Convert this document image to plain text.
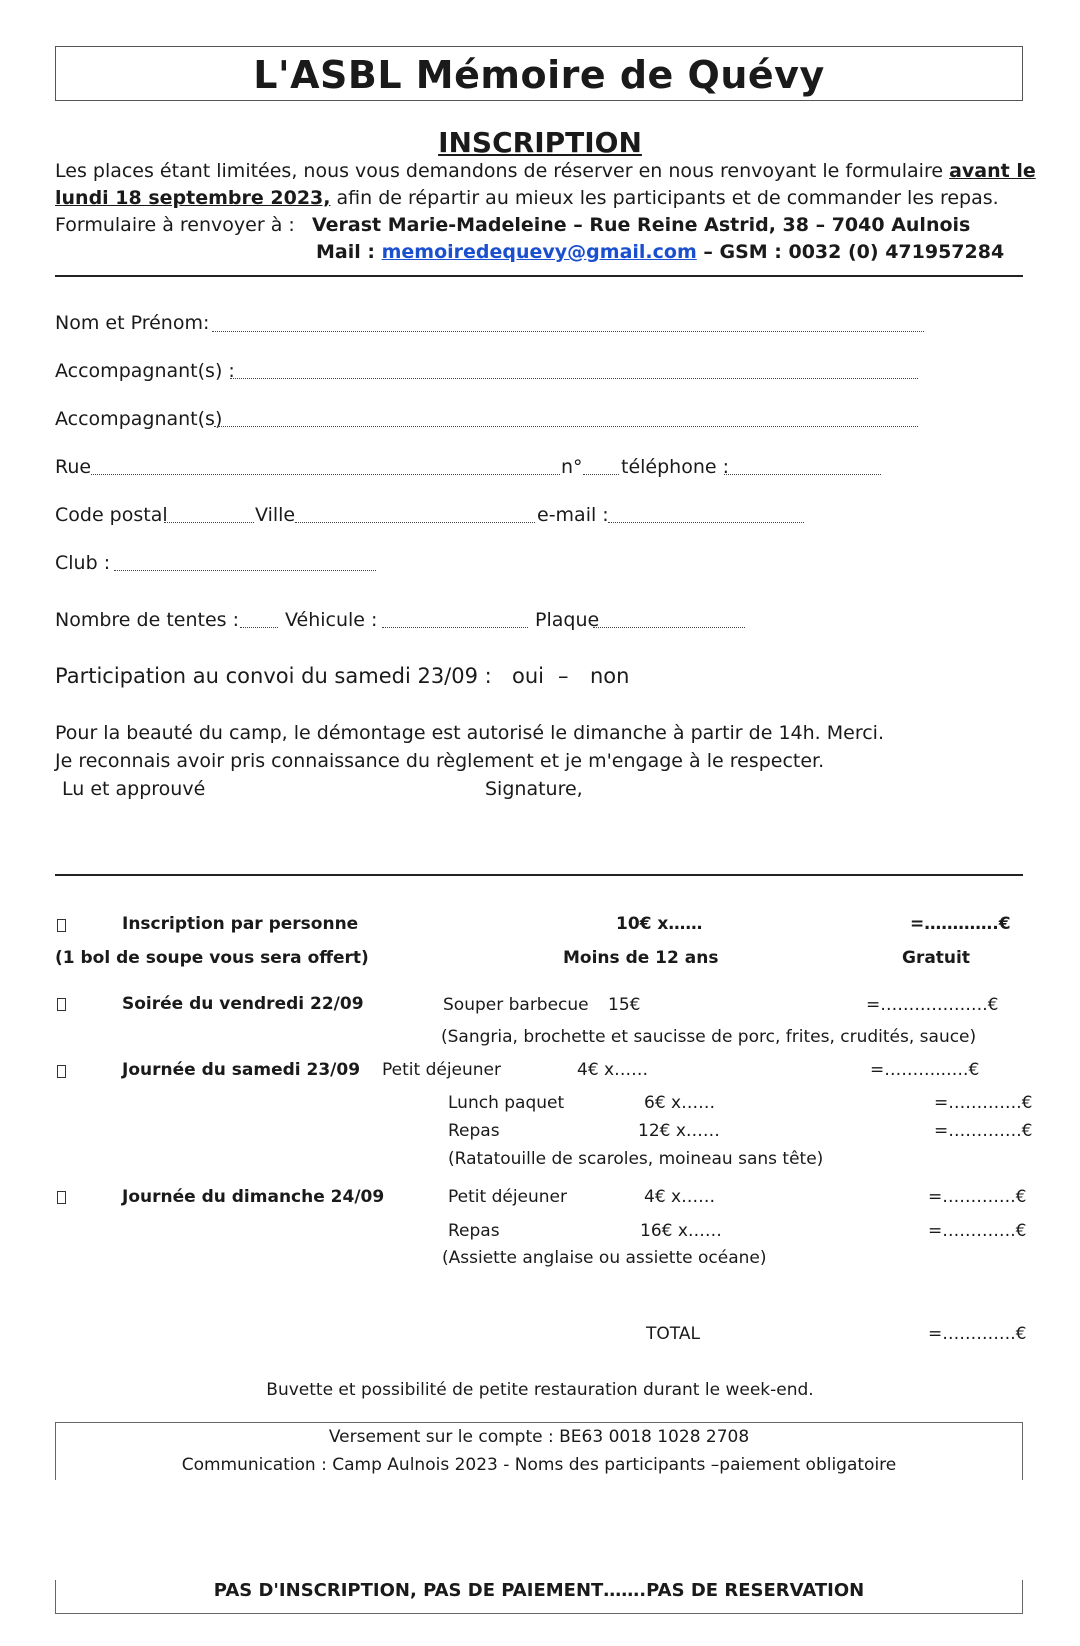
L'ASBL Mémoire de Quévy
INSCRIPTION
Les places étant limitées, nous vous demandons de réserver en nous renvoyant le formulaire avant le
lundi 18 septembre 2023, afin de répartir au mieux les participants et de commander les repas.
Formulaire à renvoyer à : Verast Marie-Madeleine – Rue Reine Astrid, 38 – 7040 Aulnois
Mail : memoiredequevy@gmail.com – GSM : 0032 (0) 471957284
Nom et Prénom:
Accompagnant(s) :
Accompagnant(s)
Rue	n° téléphone :
Code postal	Ville	e-mail :
Club :
Nombre de tentes : Véhicule :	Plaque
Participation au convoi du samedi 23/09 : oui – non
Pour la beauté du camp, le démontage est autorisé le dimanche à partir de 14h. Merci.
Je reconnais avoir pris connaissance du règlement et je m'engage à le respecter.
Lu et approuvé	Signature,
Inscription par personne	10€ x……	=………….€
(1 bol de soupe vous sera offert)	Moins de 12 ans	Gratuit
Soirée du vendredi 22/09	Souper barbecue 15€	=……………….€
(Sangria, brochette et saucisse de porc, frites, crudités, sauce)
Journée du samedi 23/09 Petit déjeuner	4€ x……	=………..….€
Lunch paquet	6€ x……	=………….€
Repas	12€ x……	=………….€
(Ratatouille de scaroles, moineau sans tête)
Journée du dimanche 24/09	Petit déjeuner	4€ x……	=………….€
Repas	16€ x……	=………….€
(Assiette anglaise ou assiette océane)
TOTAL	=………….€
Buvette et possibilité de petite restauration durant le week-end.
Versement sur le compte : BE63 0018 1028 2708
Communication : Camp Aulnois 2023 - Noms des participants –paiement obligatoire
PAS D'INSCRIPTION, PAS DE PAIEMENT…….PAS DE RESERVATION
